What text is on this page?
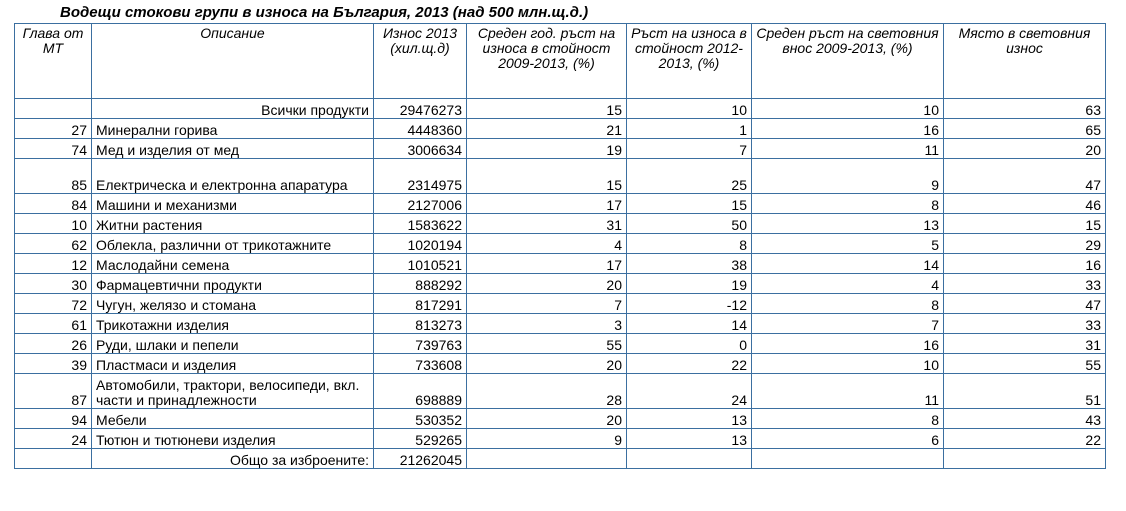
Водещи стокови групи в износа на България, 2013 (над 500 млн.щ.д.)
Глава от МТ	Описание	Износ 2013 (хил.щ.д)	Среден год. ръст на износа в стойност 2009-2013, (%)	Ръст на износа в стойност 2012-2013, (%)	Среден ръст на световния внос 2009-2013, (%)	Място в световния износ
	Всички продукти	29476273	15	10	10	63
27	Минерални горива	4448360	21	1	16	65
74	Мед и изделия от мед	3006634	19	7	11	20
85	Електрическа и електронна апаратура	2314975	15	25	9	47
84	Машини и механизми	2127006	17	15	8	46
10	Житни растения	1583622	31	50	13	15
62	Облекла, различни от трикотажните	1020194	4	8	5	29
12	Маслодайни семена	1010521	17	38	14	16
30	Фармацевтични продукти	888292	20	19	4	33
72	Чугун, желязо и стомана	817291	7	-12	8	47
61	Трикотажни изделия	813273	3	14	7	33
26	Руди, шлаки и пепели	739763	55	0	16	31
39	Пластмаси и изделия	733608	20	22	10	55
87	Автомобили, трактори, велосипеди, вкл. части и принадлежности	698889	28	24	11	51
94	Мебели	530352	20	13	8	43
24	Тютюн и тютюневи изделия	529265	9	13	6	22
	Общо за изброените:	21262045				
